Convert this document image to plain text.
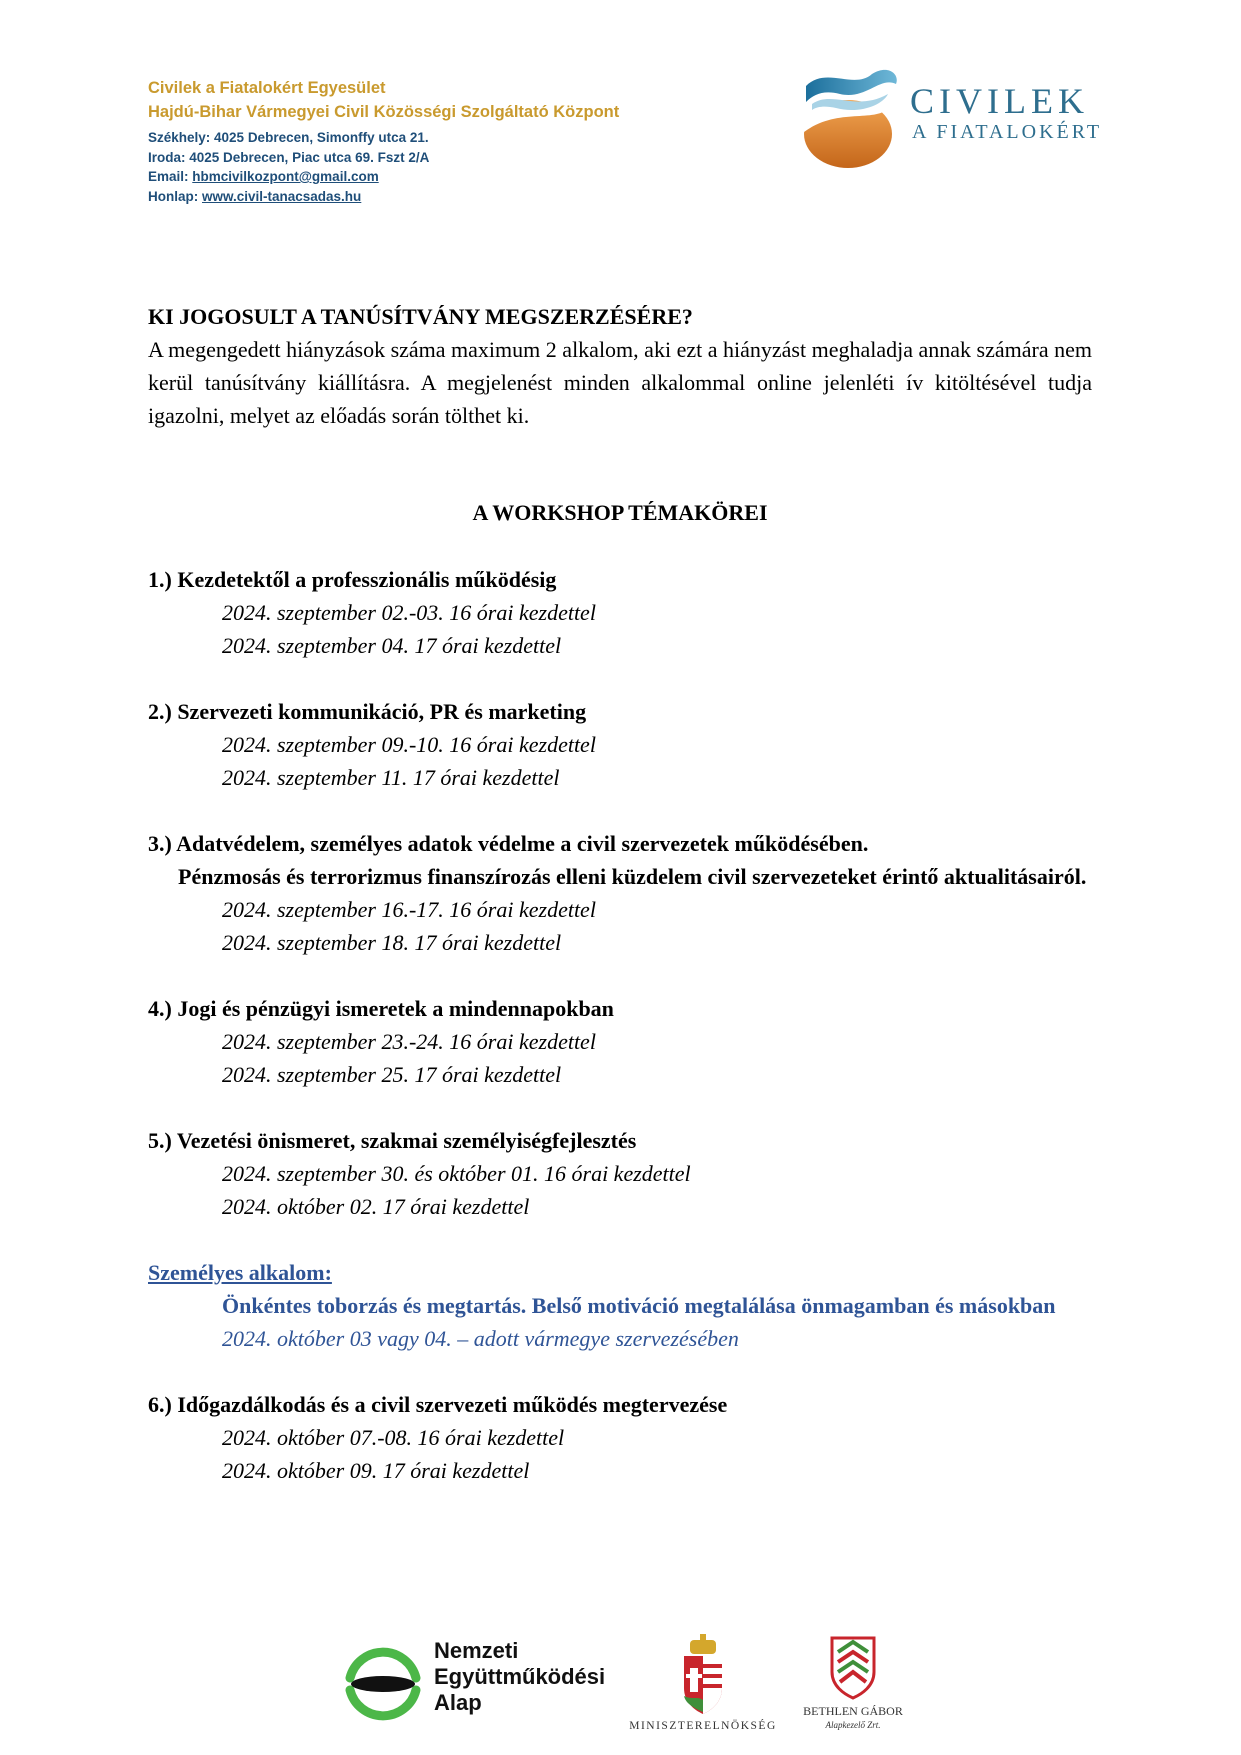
Civilek a Fiatalokért Egyesület
Hajdú-Bihar Vármegyei Civil Közösségi Szolgáltató Központ
Székhely: 4025 Debrecen, Simonffy utca 21.
Iroda: 4025 Debrecen, Piac utca 69. Fszt 2/A
Email: hbmcivilkozpont@gmail.com
Honlap: www.civil-tanacsadas.hu
CIVILEK
A FIATALOKÉRT
KI JOGOSULT A TANÚSÍTVÁNY MEGSZERZÉSÉRE?
A megengedett hiányzások száma maximum 2 alkalom, aki ezt a hiányzást meghaladja annak számára nem kerül tanúsítvány kiállításra. A megjelenést minden alkalommal online jelenléti ív kitöltésével tudja igazolni, melyet az előadás során tölthet ki.
A WORKSHOP TÉMAKÖREI
1.) Kezdetektől a professzionális működésig
2024. szeptember 02.-03. 16 órai kezdettel
2024. szeptember 04. 17 órai kezdettel
2.) Szervezeti kommunikáció, PR és marketing
2024. szeptember 09.-10. 16 órai kezdettel
2024. szeptember 11. 17 órai kezdettel
3.) Adatvédelem, személyes adatok védelme a civil szervezetek működésében.
Pénzmosás és terrorizmus finanszírozás elleni küzdelem civil szervezeteket érintő aktualitásairól.
2024. szeptember 16.-17. 16 órai kezdettel
2024. szeptember 18. 17 órai kezdettel
4.) Jogi és pénzügyi ismeretek a mindennapokban
2024. szeptember 23.-24. 16 órai kezdettel
2024. szeptember 25. 17 órai kezdettel
5.) Vezetési önismeret, szakmai személyiségfejlesztés
2024. szeptember 30. és október 01. 16 órai kezdettel
2024. október 02. 17 órai kezdettel
Személyes alkalom:
Önkéntes toborzás és megtartás. Belső motiváció megtalálása önmagamban és másokban
2024. október 03 vagy 04. – adott vármegye szervezésében
6.) Időgazdálkodás és a civil szervezeti működés megtervezése
2024. október 07.-08. 16 órai kezdettel
2024. október 09. 17 órai kezdettel
Nemzeti
Együttműködési
Alap
MINISZTERELNÖKSÉG
BETHLEN GÁBOR
Alapkezelő Zrt.
